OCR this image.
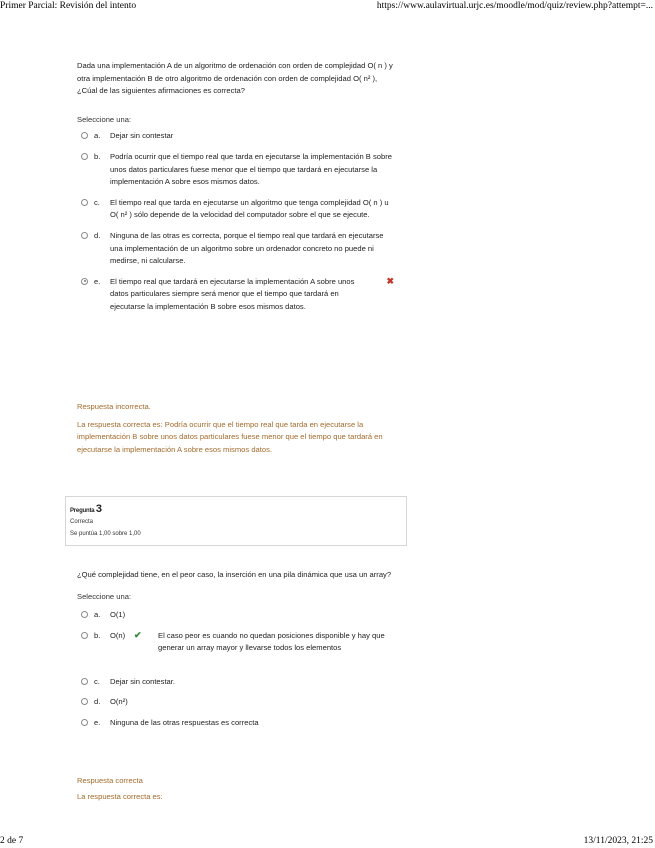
Primer Parcial: Revisión del intento	https://www.aulavirtual.urjc.es/moodle/mod/quiz/review.php?attempt=...

Dada una implementación A de un algoritmo de ordenación con orden de complejidad O( n ) y otra implementación B de otro algoritmo de ordenación con orden de complejidad O( n² ), ¿Cúal de las siguientes afirmaciones es correcta?

Seleccione una:
a. Dejar sin contestar
b. Podría ocurrir que el tiempo real que tarda en ejecutarse la implementación B sobre unos datos particulares fuese menor que el tiempo que tardará en ejecutarse la implementación A sobre esos mismos datos.
c. El tiempo real que tarda en ejecutarse un algoritmo que tenga complejidad O( n ) u O( n² ) sólo depende de la velocidad del computador sobre el que se ejecute.
d. Ninguna de las otras es correcta, porque el tiempo real que tardará en ejecutarse una implementación de un algoritmo sobre un ordenador concreto no puede ni medirse, ni calcularse.
e. El tiempo real que tardará en ejecutarse la implementación A sobre unos datos particulares siempre será menor que el tiempo que tardará en ejecutarse la implementación B sobre esos mismos datos.
✖
Respuesta incorrecta.
La respuesta correcta es: Podría ocurrir que el tiempo real que tarda en ejecutarse la implementación B sobre unos datos particulares fuese menor que el tiempo que tardará en ejecutarse la implementación A sobre esos mismos datos.
Pregunta 3
Correcta
Se puntúa 1,00 sobre 1,00

¿Qué complejidad tiene, en el peor caso, la inserción en una pila dinámica que usa un array?

Seleccione una:
a. O(1)
b. O(n) ✔ El caso peor es cuando no quedan posiciones disponible y hay que generar un array mayor y llevarse todos los elementos
c. Dejar sin contestar.
d. O(n²)
e. Ninguna de las otras respuestas es correcta
Respuesta correcta
La respuesta correcta es:
2 de 7	13/11/2023, 21:25
